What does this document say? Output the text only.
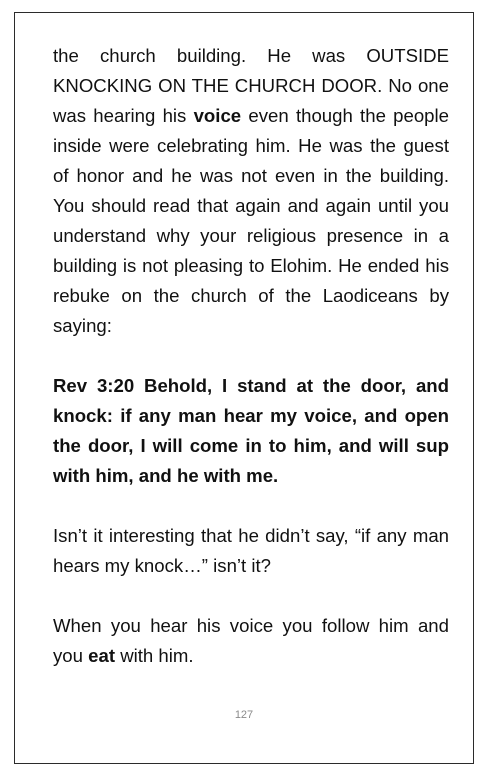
the church building. He was OUTSIDE KNOCKING ON THE CHURCH DOOR. No one was hearing his voice even though the people inside were celebrating him. He was the guest of honor and he was not even in the building. You should read that again and again until you understand why your religious presence in a building is not pleasing to Elohim. He ended his rebuke on the church of the Laodiceans by saying:

Rev 3:20 Behold, I stand at the door, and knock: if any man hear my voice, and open the door, I will come in to him, and will sup with him, and he with me.

Isn’t it interesting that he didn’t say, “if any man hears my knock…” isn’t it?

When you hear his voice you follow him and you eat with him.

127
